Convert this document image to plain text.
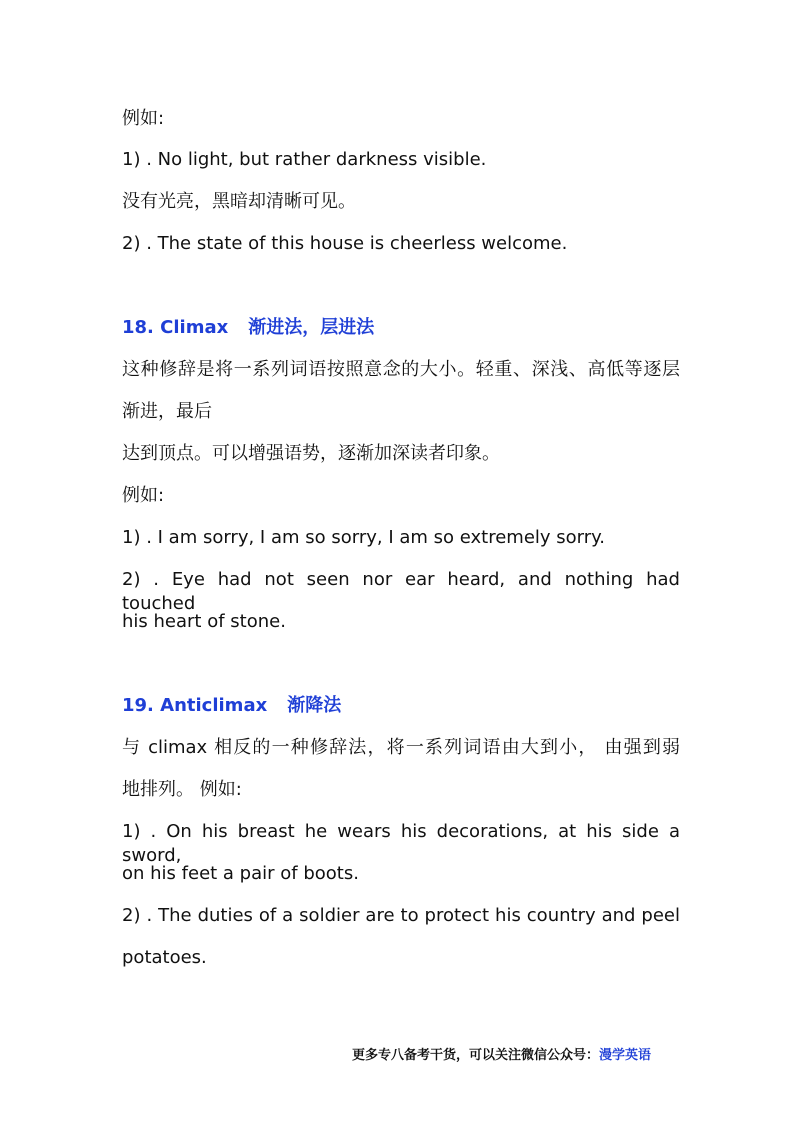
例如:

1) . No light, but rather darkness visible.

没有光亮，黑暗却清晰可见。

2) . The state of this house is cheerless welcome.

18. Climax 渐进法，层进法

这种修辞是将一系列词语按照意念的大小。轻重、深浅、高低等逐层

渐进，最后

达到顶点。可以增强语势，逐渐加深读者印象。

例如:

1) . I am sorry, I am so sorry, I am so extremely sorry.

2) . Eye had not seen nor ear heard, and nothing had touched

his heart of stone.

19. Anticlimax 渐降法

与 climax 相反的一种修辞法，将一系列词语由大到小， 由强到弱

地排列。 例如:

1) . On his breast he wears his decorations, at his side a sword,

on his feet a pair of boots.

2) . The duties of a soldier are to protect his country and peel

potatoes.

更多专八备考干货，可以关注微信公众号：漫学英语
